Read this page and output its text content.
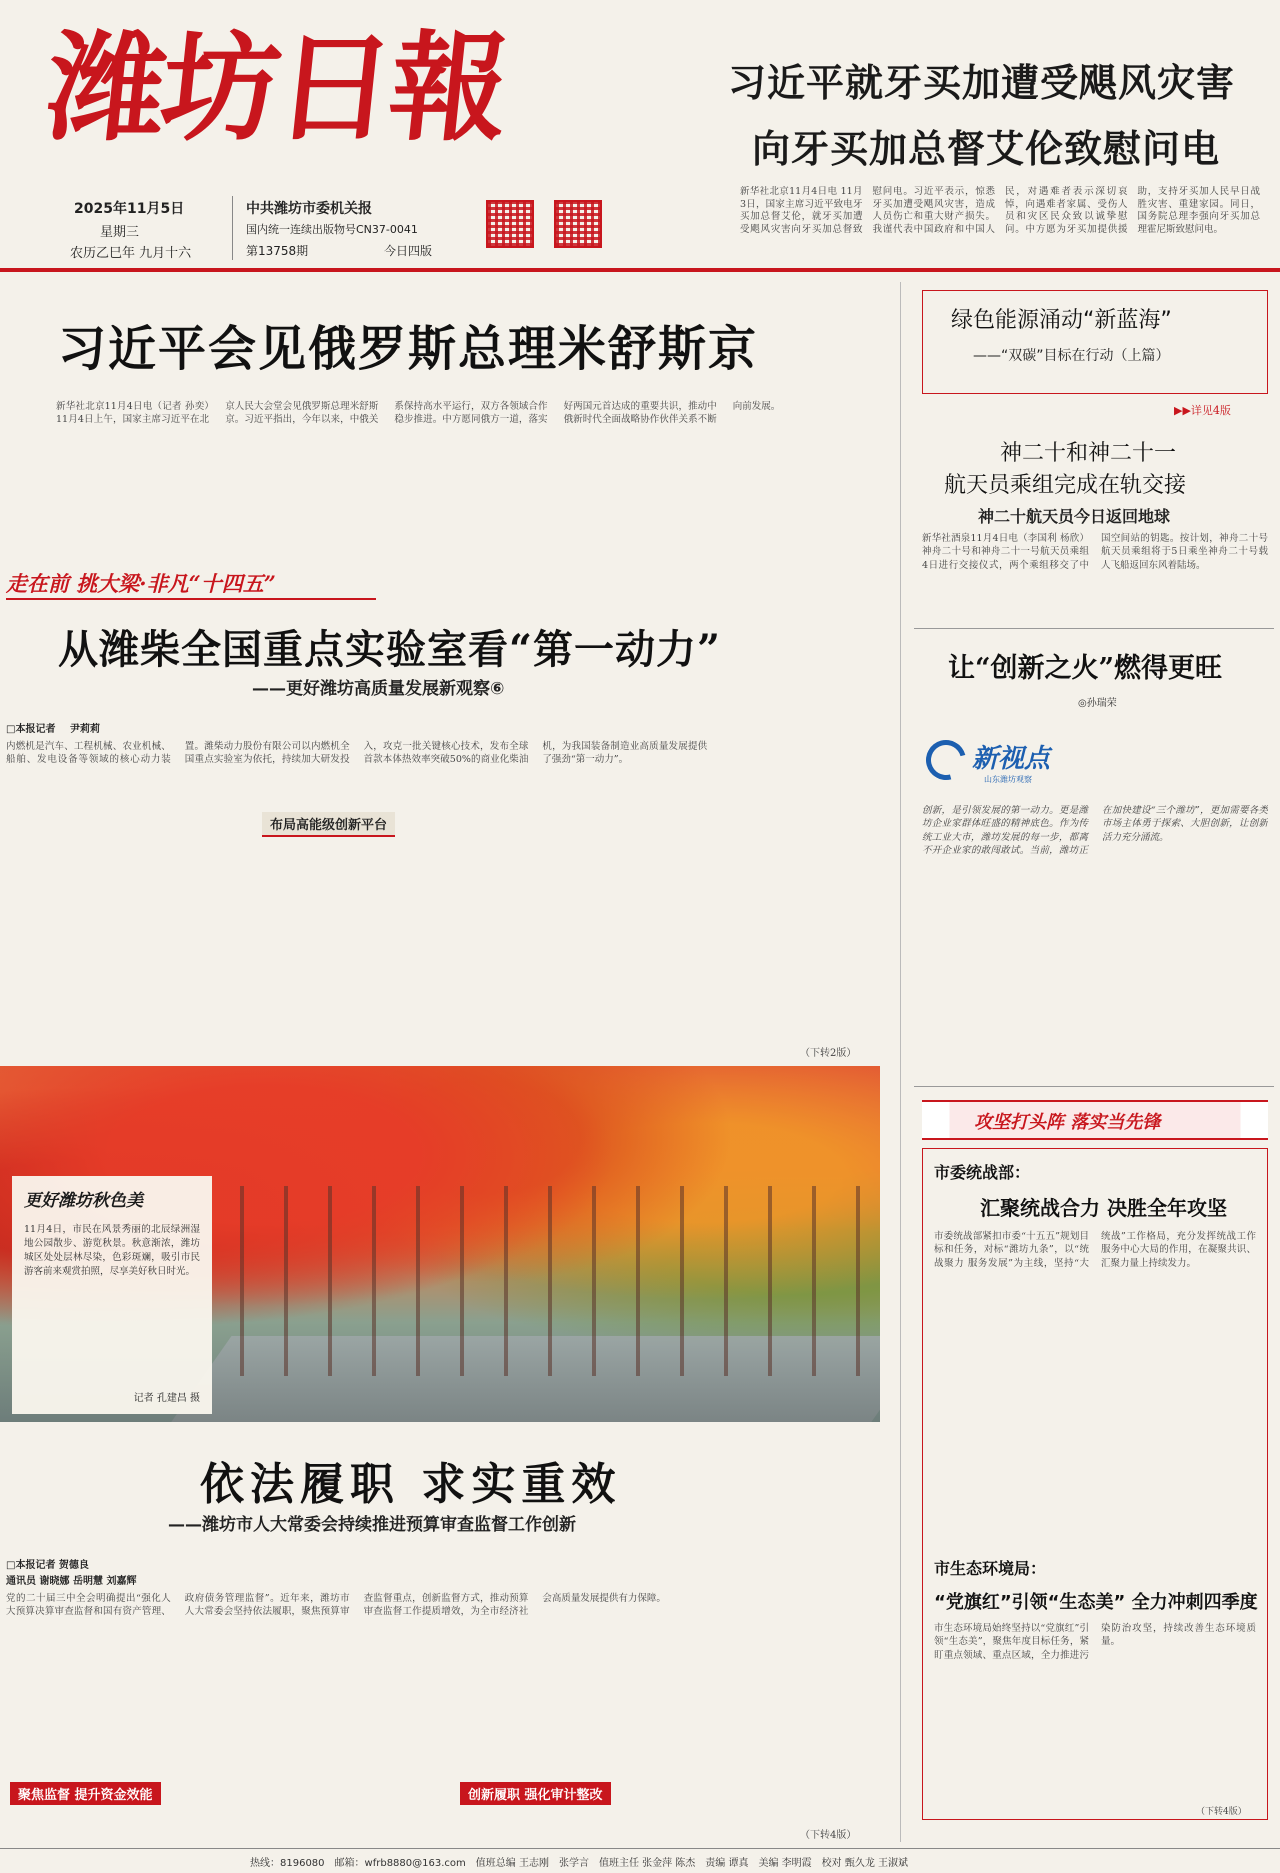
潍坊日報
2025年11月5日
星期三
农历乙巳年 九月十六
中共潍坊市委机关报
国内统一连续出版物号CN37-0041
第13758期	今日四版
习近平就牙买加遭受飓风灾害
向牙买加总督艾伦致慰问电
新华社北京11月4日电 11月3日，国家主席习近平致电牙买加总督艾伦，就牙买加遭受飓风灾害向牙买加总督致慰问电。习近平表示，惊悉牙买加遭受飓风灾害，造成人员伤亡和重大财产损失。我谨代表中国政府和中国人民，对遇难者表示深切哀悼，向遇难者家属、受伤人员和灾区民众致以诚挚慰问。中方愿为牙买加提供援助，支持牙买加人民早日战胜灾害、重建家园。同日，国务院总理李强向牙买加总理霍尼斯致慰问电。
习近平会见俄罗斯总理米舒斯京
新华社北京11月4日电（记者 孙奕）11月4日上午，国家主席习近平在北京人民大会堂会见俄罗斯总理米舒斯京。习近平指出，今年以来，中俄关系保持高水平运行，双方各领域合作稳步推进。中方愿同俄方一道，落实好两国元首达成的重要共识，推动中俄新时代全面战略协作伙伴关系不断向前发展。
走在前 挑大梁·非凡“十四五”
从潍柴全国重点实验室看“第一动力”
——更好潍坊高质量发展新观察⑥
□本报记者 尹莉莉
内燃机是汽车、工程机械、农业机械、船舶、发电设备等领域的核心动力装置。潍柴动力股份有限公司以内燃机全国重点实验室为依托，持续加大研发投入，攻克一批关键核心技术，发布全球首款本体热效率突破50%的商业化柴油机，为我国装备制造业高质量发展提供了强劲“第一动力”。
布局高能级创新平台
（下转2版）
更好潍坊秋色美
11月4日，市民在风景秀丽的北辰绿洲湿地公园散步、游览秋景。秋意渐浓，潍坊城区处处层林尽染，色彩斑斓，吸引市民游客前来观赏拍照，尽享美好秋日时光。
记者 孔建昌 摄
依法履职 求实重效
——潍坊市人大常委会持续推进预算审查监督工作创新
□本报记者 贺德良
通讯员 谢晓娜 岳明慧 刘嘉辉
党的二十届三中全会明确提出“强化人大预算决算审查监督和国有资产管理、政府债务管理监督”。近年来，潍坊市人大常委会坚持依法履职，聚焦预算审查监督重点，创新监督方式，推动预算审查监督工作提质增效，为全市经济社会高质量发展提供有力保障。
聚焦监督 提升资金效能	创新履职 强化审计整改
（下转4版）
绿色能源涌动“新蓝海”
——“双碳”目标在行动（上篇）
▶▶详见4版
神二十和神二十一
航天员乘组完成在轨交接
神二十航天员今日返回地球
新华社酒泉11月4日电（李国利 杨欣）神舟二十号和神舟二十一号航天员乘组4日进行交接仪式，两个乘组移交了中国空间站的钥匙。按计划，神舟二十号航天员乘组将于5日乘坐神舟二十号载人飞船返回东风着陆场。
让“创新之火”燃得更旺
◎孙瑞荣
新视点
山东潍坊观察
创新，是引领发展的第一动力。更是潍坊企业家群体旺盛的精神底色。作为传统工业大市，潍坊发展的每一步，都离不开企业家的敢闯敢试。当前，潍坊正在加快建设“三个潍坊”，更加需要各类市场主体勇于探索、大胆创新，让创新活力充分涌流。
攻坚打头阵 落实当先锋
市委统战部：
汇聚统战合力 决胜全年攻坚
市委统战部紧扣市委“十五五”规划目标和任务，对标“潍坊九条”，以“统战聚力 服务发展”为主线，坚持“大统战”工作格局，充分发挥统战工作服务中心大局的作用，在凝聚共识、汇聚力量上持续发力。
市生态环境局：
“党旗红”引领“生态美” 全力冲刺四季度
市生态环境局始终坚持以“党旗红”引领“生态美”，聚焦年度目标任务，紧盯重点领域、重点区域，全力推进污染防治攻坚，持续改善生态环境质量。
（下转4版）
热线：8196080　邮箱：wfrb8880@163.com　值班总编 王志刚　张学言　值班主任 张金萍 陈杰　责编 谭真　美编 李明霞　校对 甄久龙 王淑斌
